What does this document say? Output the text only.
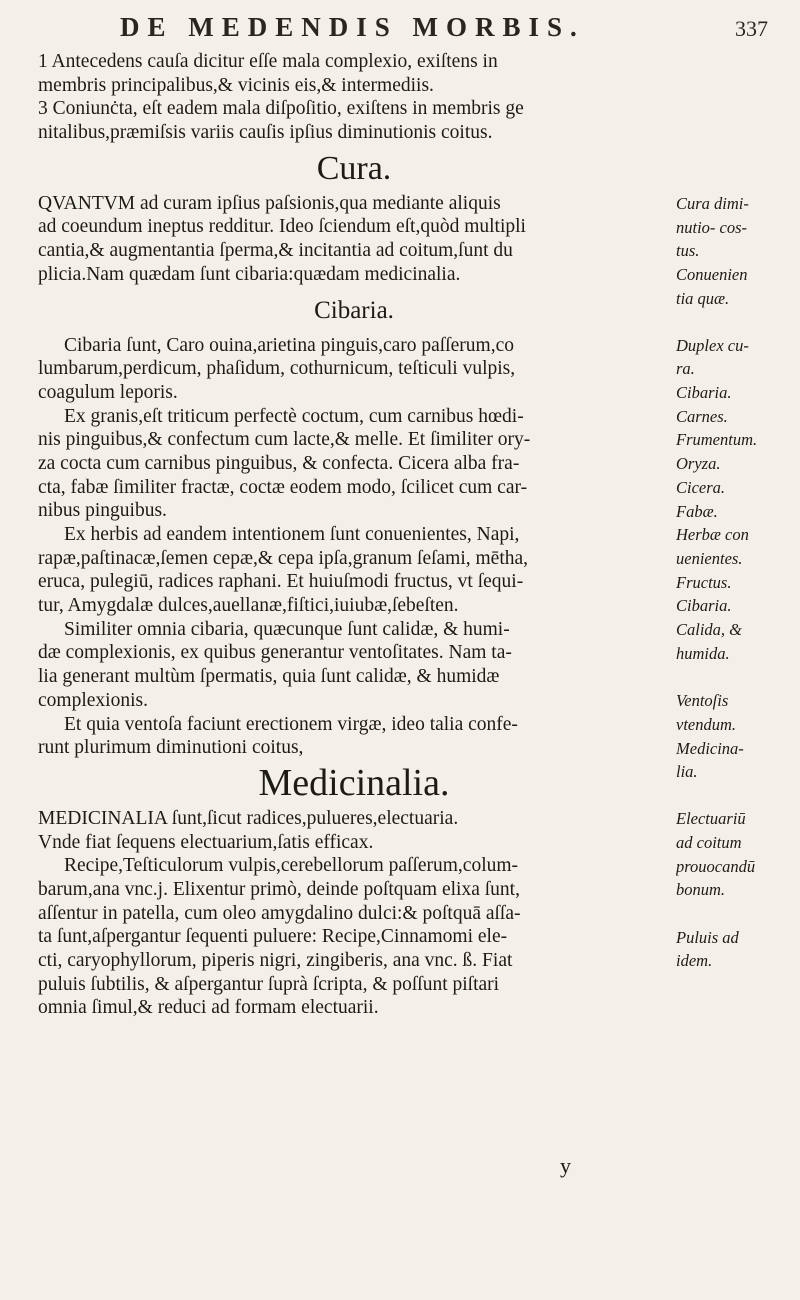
DE MEDENDIS MORBIS.	337
1 Antecedens cauſa dicitur eſſe mala complexio, exiſtens in
membris principalibus,& vicinis eis,& intermediis.
3 Coniunċta, eſt eadem mala diſpoſitio, exiſtens in membris ge
nitalibus,præmiſsis variis cauſis ipſius diminutionis coitus.
Cura.
QVANTVM ad curam ipſius paſsionis,qua mediante aliquis
ad coeundum ineptus redditur. Ideo ſciendum eſt,quòd multipli
cantia,& augmentantia ſperma,& incitantia ad coitum,ſunt du
plicia.Nam quædam ſunt cibaria:quædam medicinalia.
Cibaria.
Cibaria ſunt, Caro ouina,arietina pinguis,caro paſſerum,co
lumbarum,perdicum, phaſidum, cothurnicum, teſticuli vulpis,
coagulum leporis.
Ex granis,eſt triticum perfectè coctum, cum carnibus hœdi-
nis pinguibus,& confectum cum lacte,& melle. Et ſimiliter ory-
za cocta cum carnibus pinguibus, & confecta. Cicera alba fra-
cta, fabæ ſimiliter fractæ, coctæ eodem modo, ſcilicet cum car-
nibus pinguibus.
Ex herbis ad eandem intentionem ſunt conuenientes, Napi,
rapæ,paſtinacæ,ſemen cepæ,& cepa ipſa,granum ſeſami, mētha,
eruca, pulegiū, radices raphani. Et huiuſmodi fructus, vt ſequi-
tur, Amygdalæ dulces,auellanæ,fiſtici,iuiubæ,ſebeſten.
Similiter omnia cibaria, quæcunque ſunt calidæ, & humi-
dæ complexionis, ex quibus generantur ventoſitates. Nam ta-
lia generant multùm ſpermatis, quia ſunt calidæ, & humidæ
complexionis.
Et quia ventoſa faciunt erectionem virgæ, ideo talia confe-
runt plurimum diminutioni coitus,
Medicinalia.
MEDICINALIA ſunt,ſicut radices,pulueres,electuaria.
Vnde fiat ſequens electuarium,ſatis efficax.
Recipe,Teſticulorum vulpis,cerebellorum paſſerum,colum-
barum,ana vnc.j. Elixentur primò, deinde poſtquam elixa ſunt,
aſſentur in patella, cum oleo amygdalino dulci:& poſtquā aſſa-
ta ſunt,aſpergantur ſequenti puluere: Recipe,Cinnamomi ele-
cti, caryophyllorum, piperis nigri, zingiberis, ana vnc. ß. Fiat
puluis ſubtilis, & aſpergantur ſuprà ſcripta, & poſſunt piſtari
omnia ſimul,& reduci ad formam electuarii.
Cura dimi-
nutio- cos-
tus.
Conuenien
tia quæ.
Duplex cu-
ra.
Cibaria.
Carnes.
Frumentum.
Oryza.
Cicera.
Fabæ.
Herbæ con
uenientes.
Fructus.
Cibaria.
Calida, &
humida.
Ventoſis
vtendum.
Medicina-
lia.
Electuariū
ad coitum
prouocandū
bonum.
Puluis ad
idem.
y
